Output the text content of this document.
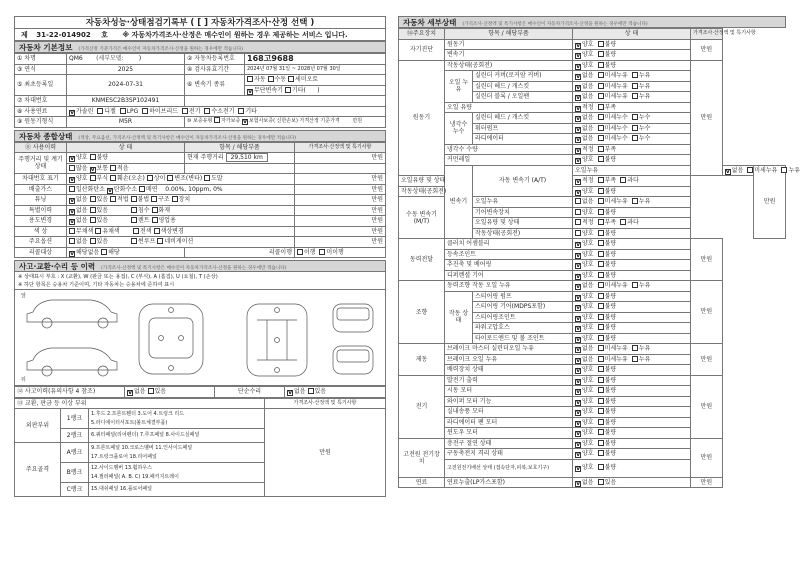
자동차성능·상태점검기록부 ( [ ] 자동차가격조사·산정 선택 )
제 31-22-014902 호 ※ 자동차가격조사·산정은 매수인이 원하는 경우 제공하는 서비스 입니다.
자동차 기본정보 (가격산정 기준가격은 매수인이 자동차가격조사·산정을 원하는 경우에만 적습니다)
① 차명	QM6 (세부모델: )	② 자동차등록번호	168고9688
③ 연식	2025	④ 검사유효기간	2024년 07월 31일 ~ 2028년 07월 30일
⑤ 최초등록일	2024-07-31	⑥ 변속기 종류	자동 수동 세미오토
			V 무단변속기 기타( )
⑦ 차대번호	KNMESC2B3SP102491		
⑧ 사용연료	V 가솔린 디젤 LPG 하이브리드 전기 수소전기 기타		
⑨ 원동기형식	M5R	⑩ 보증유형 자가보증 V 보험사보증( 신한손보) 가격산정 기준가격 만원	
자동차 종합상태 (색상, 주요옵션, 가격조사·산정액 및 특기사항은 매수인이 자동차가격조사·산정을 원하는 경우에만 적습니다)
⑪ 사용이력	상 태	항목 / 해당부품	가격조사·산정액 및 특기사항
주행거리 및 계기상태	V 양호 불량	현재 주행거리 29,510 km	만원
	많음 V 보통 적음		
차대번호 표기	V 양호 부식 훼손(오손) 상이 변조(변타) 도말		만원
배출가스	일산화탄소 V 탄화수소 매연 0.00%, 10ppm, 0%		만원
튜닝	V 없음 있음 적법 불법 구조 장치		만원
특별이력	V 없음 있음 침수 화재		만원
용도변경	V 없음 있음 렌트 영업용		만원
색 상	무채색 유채색 전색 색상변경		만원
주요옵션	없음 있음 썬루프 네비게이션		만원
리콜대상	V 해당없음 해당	리콜이행	이행 미이행
사고·교환·수리 등 이력 (가격조사·산정액 및 특기사항은 매수인이 자동차가격조사·산정을 원하는 경우에만 적습니다)
※ 상태표시 부호 : X (교환), W (판금 또는 용접), C (부식), A (흠집), U (요철), T (손상)
※ 하단 항목은 승용차 기준이며, 기타 자동차는 승용차에 준하여 표시
앞
뒤
⑫ 사고이력(유의사항 4 참조)	V 없음 있음	단순수리	V 없음 있음
⑬ 교환, 판금 등 이상 부위			가격조사·산정액 및 특기사항
외판부위	1랭크	1.후드 2.프론트휀더 3.도어 4.트렁크 리드
5.라디에이터서포트(볼트체결부품)	만원
	2랭크	6.쿼터패널(리어펜더) 7.루프패널 8.사이드실패널	
주요골격	A랭크	9.프론트패널 10.크로스멤버 11.인사이드패널
17.트렁크플로어 18.리어패널	

	B랭크	12.사이드멤버 13.휠하우스
14.필러패널( A. B. C) 19.패키지트레이	

	C랭크	15.대쉬패널 16.플로어패널	
자동차 세부상태 (가격조사·산정액 및 특기사항은 매수인이 자동차가격조사·산정을 원하는 경우에만 적습니다)
⑭주요장치	항목 / 해당부품		상 태	가격조사·산정액 및 특기사항		
자기진단	원동기		V 양호 불량	만원		
	변속기		V 양호 불량			
원동기	작동상태(공회전)		V 양호 불량	만원		
	오일 누유	실린더 커버(로커암 커버)	V 없음 미세누유 누유			
		실린더 헤드 / 개스킷	V 없음 미세누유 누유			
		실린더 블록 / 오일팬	V 없음 미세누유 누유			
	오일 유량		V 적정 부족			
	냉각수 누수	실린더 헤드 / 개스킷	V 없음 미세누수 누수			
		워터펌프	V 없음 미세누수 누수			
		라디에이터	V 없음 미세누수 누수			
	냉각수 수량		V 적정 부족			
	커먼레일		V 양호 불량			
	변속기	자동 변속기 (A/T)	오일누유		V 없음 미세누유 누유	만원
오일유량 및 상태			V 적정 부족 과다			
작동상태(공회전)			V 양호 불량			
수동 변속기 (M/T)		오일누유	없음 미세누유 누유			
		기어변속장치	양호 불량			
		오일유량 및 상태	적정 부족 과다			
		작동상태(공회전)	양호 불량			
동력전달	클러치 어셈블리		V 양호 불량	만원		
	등속조인트		V 양호 불량			
	추진축 및 베어링		V 양호 불량			
	디퍼렌셜 기어		V 양호 불량			
조향	동력조향 작동 오일 누유		V 없음 미세누유 누유	만원		
	작동 상태	스티어링 펌프	V 양호 불량			
		스티어링 기어(MDPS포함)	V 양호 불량			
		스티어링조인트	V 양호 불량			
		파워고압호스	V 양호 불량			
		타이로드엔드 및 볼 조인트	V 양호 불량			
제동	브레이크 마스터 실린더오일 누유		V 없음 미세누유 누유	만원		
	브레이크 오일 누유		V 없음 미세누유 누유			
	배력장치 상태		V 양호 불량			
전기	발전기 출력		V 양호 불량	만원		
	시동 모터		V 양호 불량			
	와이퍼 모터 기능		V 양호 불량			
	실내송풍 모터		V 양호 불량			
	라디에이터 팬 모터		V 양호 불량			
	윈도우 모터		V 양호 불량			
고전원 전기장치	충전구 절연 상태		V 양호 불량	만원		
	구동축전지 격리 상태		V 양호 불량			
	고전원전기배선 상태 (접속단자,피복,보호기구)		V 양호 불량			
연료	연료누출(LP가스포함)		V 없음 있음	만원		
